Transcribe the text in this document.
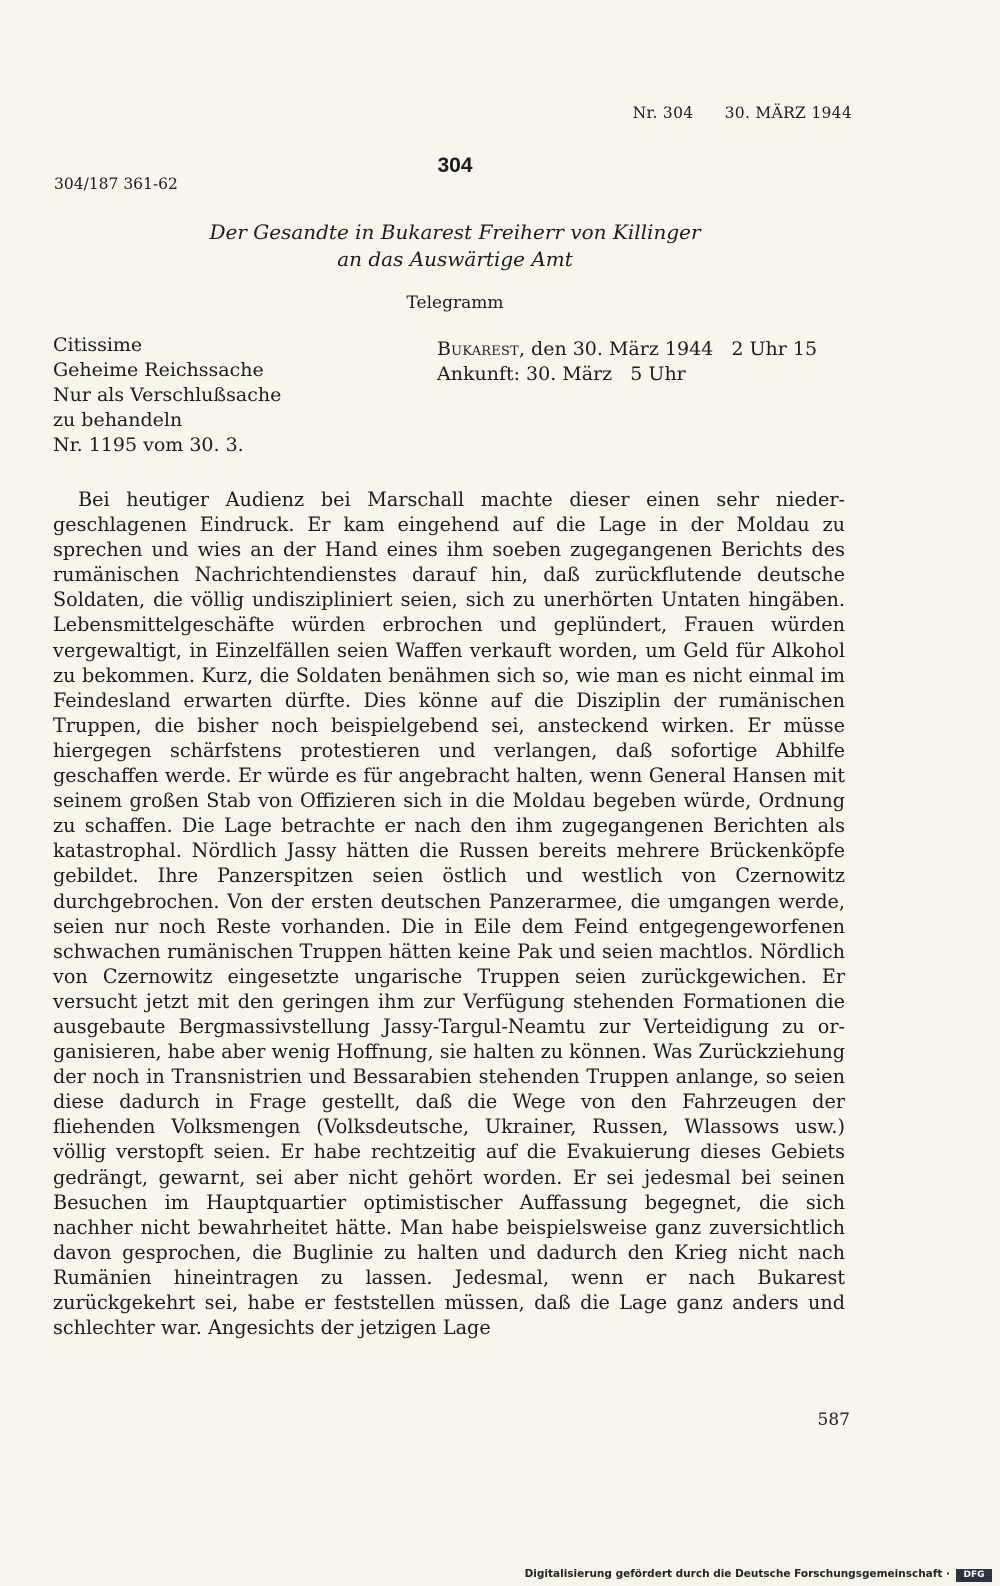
Nr. 304 30. MÄRZ 1944
304
304/187 361-62
Der Gesandte in Bukarest Freiherr von Killinger
an das Auswärtige Amt
Telegramm
Citissime
Geheime Reichssache
Nur als Verschlußsache
zu behandeln
Nr. 1195 vom 30. 3.
Bukarest, den 30. März 1944   2 Uhr 15
Ankunft: 30. März   5 Uhr
Bei heutiger Audienz bei Marschall machte dieser einen sehr niedergeschlagenen Eindruck. Er kam eingehend auf die Lage in der Moldau zu sprechen und wies an der Hand eines ihm soeben zugegangenen Berichts des rumänischen Nachrichtendienstes darauf hin, daß zurückflutende deutsche Soldaten, die völlig undiszipliniert seien, sich zu unerhörten Untaten hingäben. Lebensmittelgeschäfte würden erbrochen und geplündert, Frauen würden vergewaltigt, in Einzelfällen seien Waffen verkauft worden, um Geld für Alkohol zu bekommen. Kurz, die Soldaten benähmen sich so, wie man es nicht einmal im Feindesland erwarten dürfte. Dies könne auf die Disziplin der rumänischen Truppen, die bisher noch beispielgebend sei, ansteckend wirken. Er müsse hiergegen schärfstens protestieren und verlangen, daß sofortige Abhilfe geschaffen werde. Er würde es für angebracht halten, wenn General Hansen mit seinem großen Stab von Offizieren sich in die Moldau begeben würde, Ordnung zu schaffen. Die Lage betrachte er nach den ihm zugegangenen Berichten als katastrophal. Nördlich Jassy hätten die Russen bereits mehrere Brückenköpfe gebildet. Ihre Panzerspitzen seien östlich und westlich von Czernowitz durchgebrochen. Von der ersten deutschen Panzerarmee, die umgangen werde, seien nur noch Reste vorhanden. Die in Eile dem Feind entgegengeworfenen schwachen rumänischen Truppen hätten keine Pak und seien machtlos. Nördlich von Czernowitz eingesetzte ungarische Truppen seien zurückgewichen. Er versucht jetzt mit den geringen ihm zur Verfügung stehenden Formationen die ausgebaute Bergmassivstellung Jassy-Targul-Neamtu zur Verteidigung zu organisieren, habe aber wenig Hoffnung, sie halten zu können. Was Zurückziehung der noch in Transnistrien und Bessarabien stehenden Truppen anlange, so seien diese dadurch in Frage gestellt, daß die Wege von den Fahrzeugen der fliehenden Volksmengen (Volksdeutsche, Ukrainer, Russen, Wlassows usw.) völlig verstopft seien. Er habe rechtzeitig auf die Evakuierung dieses Gebiets gedrängt, gewarnt, sei aber nicht gehört worden. Er sei jedesmal bei seinen Besuchen im Hauptquartier optimistischer Auffassung begegnet, die sich nachher nicht bewahrheitet hätte. Man habe beispielsweise ganz zuversichtlich davon gesprochen, die Buglinie zu halten und dadurch den Krieg nicht nach Rumänien hineintragen zu lassen. Jedesmal, wenn er nach Bukarest zurückgekehrt sei, habe er feststellen müssen, daß die Lage ganz anders und schlechter war. Angesichts der jetzigen Lage
587
Digitalisierung gefördert durch die Deutsche Forschungsgemeinschaft ·	DFG
